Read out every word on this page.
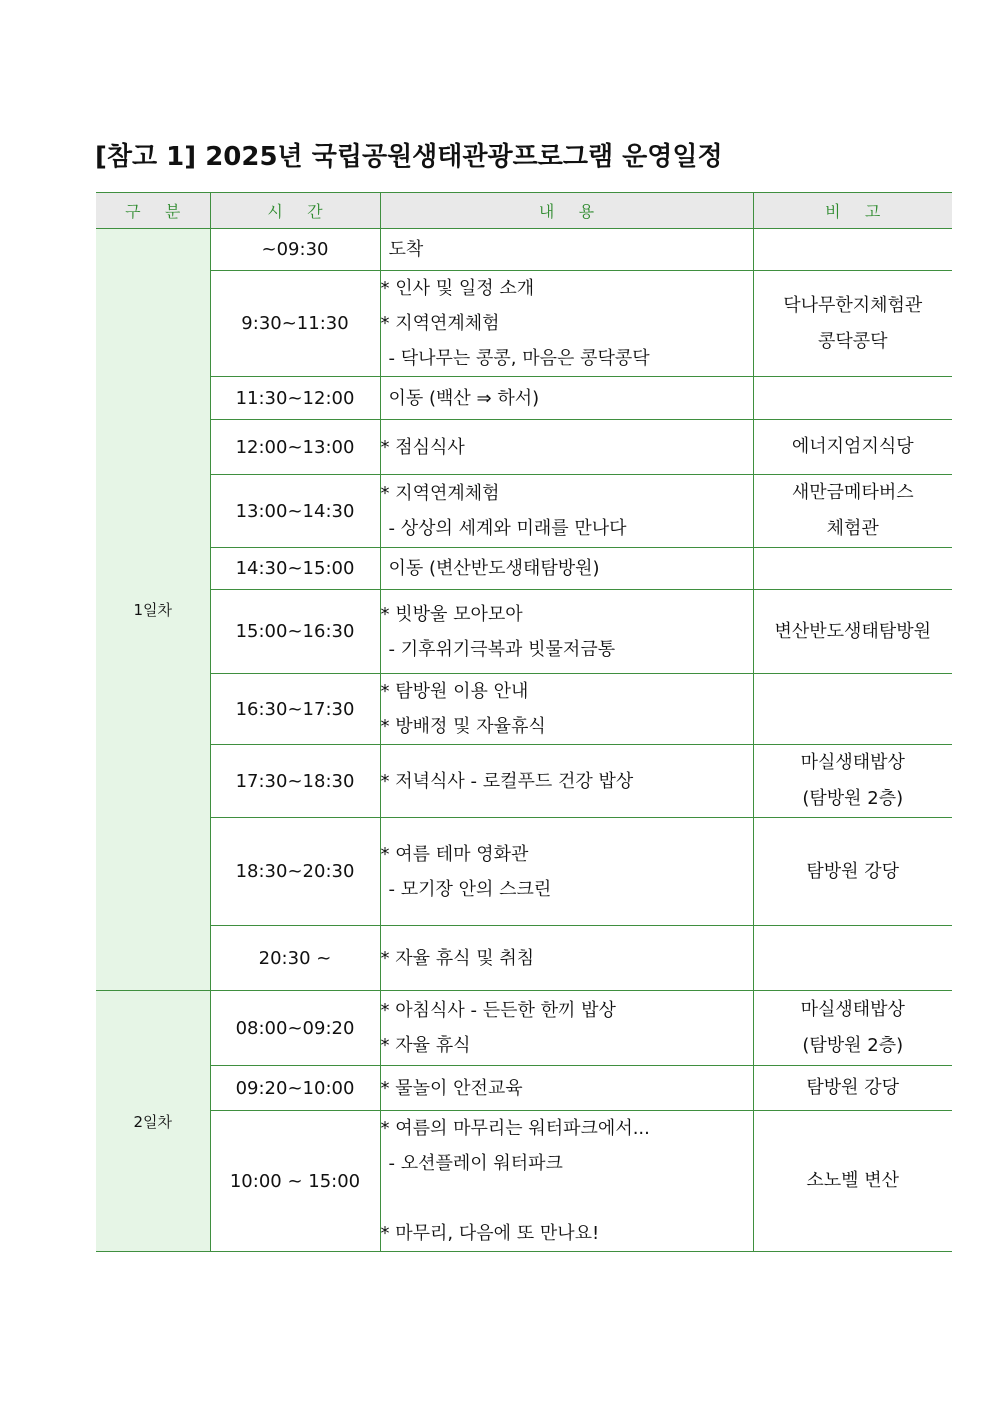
[참고 1] 2025년 국립공원생태관광프로그램 운영일정
구 분	시 간	내 용	비 고
1일차	~09:30	도착	

	9:30~11:30	* 인사 및 일정 소개
* 지역연계체험
- 닥나무는 콩콩, 마음은 콩닥콩닥	닥나무한지체험관
콩닥콩닥
	11:30~12:00	이동 (백산 ⇒ 하서)	

	12:00~13:00	* 점심식사	에너지엄지식당
	13:00~14:30	* 지역연계체험
- 상상의 세계와 미래를 만나다	새만금메타버스
체험관
	14:30~15:00	이동 (변산반도생태탐방원)	

	15:00~16:30	* 빗방울 모아모아
- 기후위기극복과 빗물저금통	변산반도생태탐방원
	16:30~17:30	* 탐방원 이용 안내
* 방배정 및 자율휴식	

	17:30~18:30	* 저녁식사 - 로컬푸드 건강 밥상	마실생태밥상
(탐방원 2층)
	18:30~20:30	* 여름 테마 영화관
- 모기장 안의 스크린	탐방원 강당
	20:30 ~	* 자율 휴식 및 취침	

2일차	08:00~09:20	* 아침식사 - 든든한 한끼 밥상
* 자율 휴식	마실생태밥상
(탐방원 2층)
	09:20~10:00	* 물놀이 안전교육	탐방원 강당
	10:00 ~ 15:00	* 여름의 마무리는 워터파크에서...
- 오션플레이 워터파크
* 마무리, 다음에 또 만나요!	소노벨 변산
